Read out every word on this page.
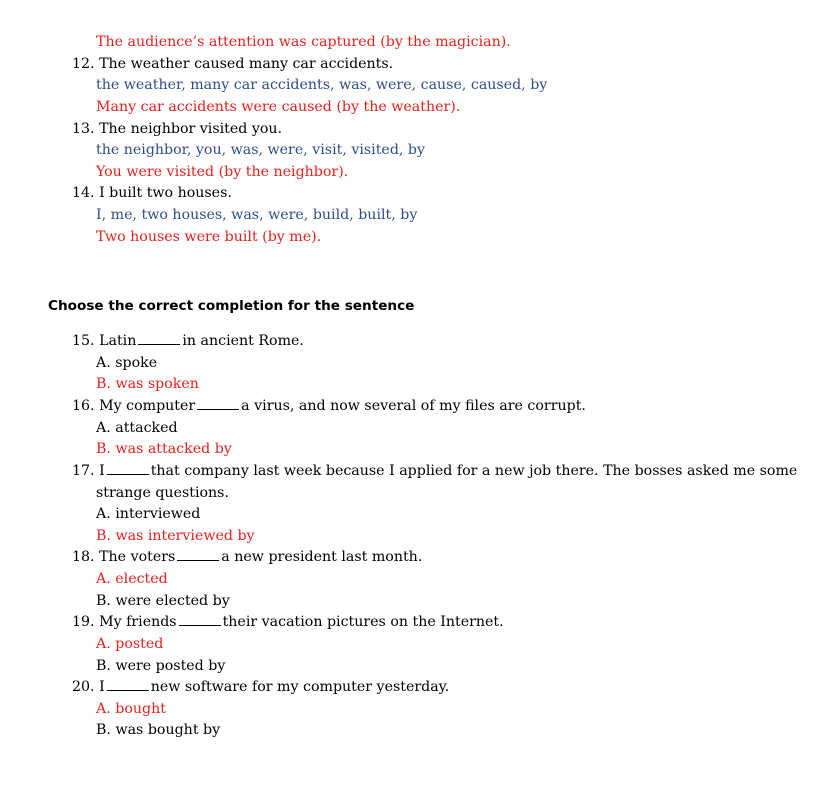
The audience’s attention was captured (by the magician).
12. The weather caused many car accidents.
the weather, many car accidents, was, were, cause, caused, by
Many car accidents were caused (by the weather).
13. The neighbor visited you.
the neighbor, you, was, were, visit, visited, by
You were visited (by the neighbor).
14. I built two houses.
I, me, two houses, was, were, build, built, by
Two houses were built (by me).
Choose the correct completion for the sentence
15. Latin	in ancient Rome.
A. spoke
B. was spoken
16. My computer	a virus, and now several of my files are corrupt.
A. attacked
B. was attacked by
17. I	that company last week because I applied for a new job there. The bosses asked me some
strange questions.
A. interviewed
B. was interviewed by
18. The voters	a new president last month.
A. elected
B. were elected by
19. My friends	their vacation pictures on the Internet.
A. posted
B. were posted by
20. I	new software for my computer yesterday.
A. bought
B. was bought by
